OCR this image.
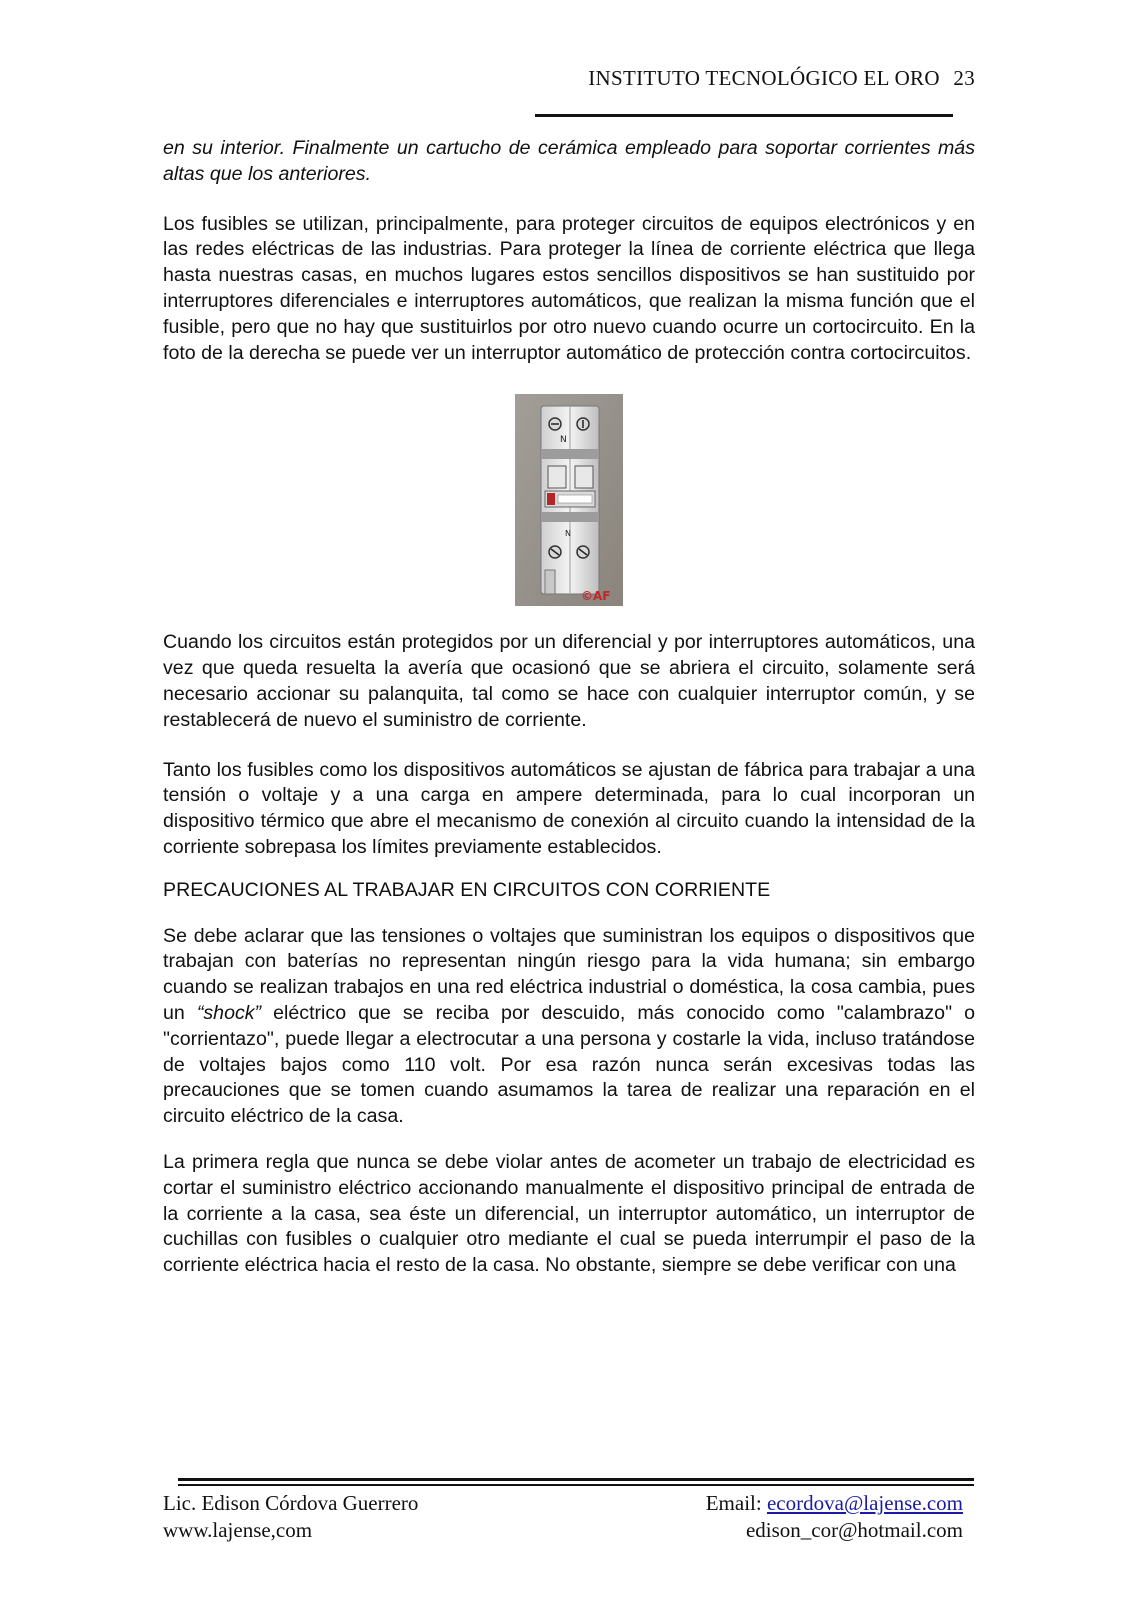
INSTITUTO TECNOLÓGICO EL ORO 23

en su interior. Finalmente un cartucho de cerámica empleado para soportar corrientes más altas que los anteriores.

Los fusibles se utilizan, principalmente, para proteger circuitos de equipos electrónicos y en las redes eléctricas de las industrias. Para proteger la línea de corriente eléctrica que llega hasta nuestras casas, en muchos lugares estos sencillos dispositivos se han sustituido por interruptores diferenciales e interruptores automáticos, que realizan la misma función que el fusible, pero que no hay que sustituirlos por otro nuevo cuando ocurre un cortocircuito. En la foto de la derecha se puede ver un interruptor automático de protección contra cortocircuitos.

N
N
©AF

Cuando los circuitos están protegidos por un diferencial y por interruptores automáticos, una vez que queda resuelta la avería que ocasionó que se abriera el circuito, solamente será necesario accionar su palanquita, tal como se hace con cualquier interruptor común, y se restablecerá de nuevo el suministro de corriente.

Tanto los fusibles como los dispositivos automáticos se ajustan de fábrica para trabajar a una tensión o voltaje y a una carga en ampere determinada, para lo cual incorporan un dispositivo térmico que abre el mecanismo de conexión al circuito cuando la intensidad de la corriente sobrepasa los límites previamente establecidos.

PRECAUCIONES AL TRABAJAR EN CIRCUITOS CON CORRIENTE

Se debe aclarar que las tensiones o voltajes que suministran los equipos o dispositivos que trabajan con baterías no representan ningún riesgo para la vida humana; sin embargo cuando se realizan trabajos en una red eléctrica industrial o doméstica, la cosa cambia, pues un “shock” eléctrico que se reciba por descuido, más conocido como "calambrazo" o "corrientazo", puede llegar a electrocutar a una persona y costarle la vida, incluso tratándose de voltajes bajos como 110 volt. Por esa razón nunca serán excesivas todas las precauciones que se tomen cuando asumamos la tarea de realizar una reparación en el circuito eléctrico de la casa.

La primera regla que nunca se debe violar antes de acometer un trabajo de electricidad es cortar el suministro eléctrico accionando manualmente el dispositivo principal de entrada de la corriente a la casa, sea éste un diferencial, un interruptor automático, un interruptor de cuchillas con fusibles o cualquier otro mediante el cual se pueda interrumpir el paso de la corriente eléctrica hacia el resto de la casa. No obstante, siempre se debe verificar con una

Lic. Edison Córdova Guerrero
www.lajense,com
Email: ecordova@lajense.com
edison_cor@hotmail.com
